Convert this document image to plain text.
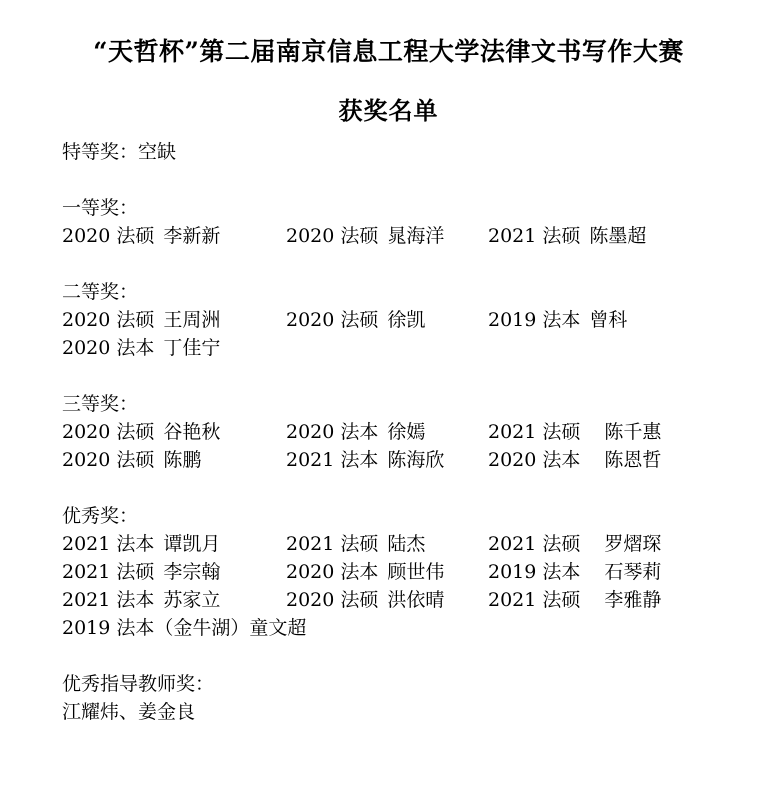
“天哲杯”第二届南京信息工程大学法律文书写作大赛
获奖名单
特等奖：空缺
一等奖：
2020 法硕 李新新	2020 法硕 晁海洋 2021 法硕 陈墨超
二等奖：
2020 法硕 王周洲	2020 法硕 徐凯	2019 法本 曾科
2020 法本 丁佳宁
三等奖：
2020 法硕 谷艳秋	2020 法本 徐嫣	2021 法硕 陈千惠
2020 法硕 陈鹏	2021 法本 陈海欣 2020 法本 陈恩哲
优秀奖：
2021 法本 谭凯月	2021 法硕 陆杰	2021 法硕 罗熠琛
2021 法硕 李宗翰	2020 法本 顾世伟 2019 法本 石琴莉
2021 法本 苏家立	2020 法硕 洪依晴 2021 法硕 李雅静
2019 法本（金牛湖）童文超
优秀指导教师奖：
江耀炜、姜金良
